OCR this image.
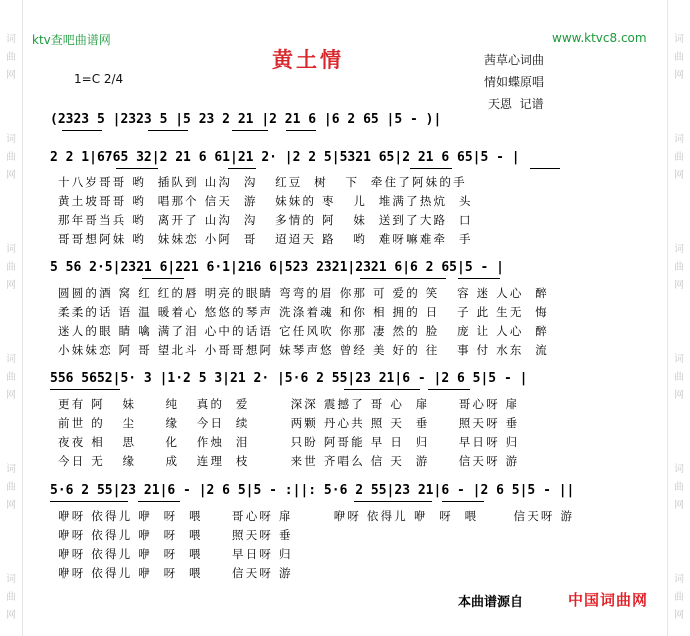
词
曲
网
词
曲
网
词
曲
网
词
曲
网
词
曲
网
词
曲
网
词
曲
网
词
曲
网
词
曲
网
词
曲
网
词
曲
网
词
曲
网
ktv查吧曲谱网	www.ktvc8.com
黄土情
1=C 2/4
茜草心词曲
情如蝶原唱
天恩  记谱
(2323 5 |2323 5 |5 23 2 21 |2 21 6 |6 2 65 |5 - )|
2 2 1|6765 32|2 21 6 61|21 2· |2 2 5|5321 65|2 21 6 65|5 - |
十八岁哥哥 哟  插队到 山沟  沟   红豆  树   下  牵住了阿妹的手
黄土坡哥哥 哟  唱那个 信天  游   妹妹的 枣   儿  堆满了热炕  头
那年哥当兵 哟  离开了 山沟  沟   多情的 阿   妹  送到了大路  口
哥哥想阿妹 哟  妹妹恋 小阿  哥   迢迢天 路   哟  难呀嘛难牵  手
5 56 2·5|2321 6|221 6·1|216 6|523 2321|2321 6|6 2 65|5 - |
圆圆的酒 窝 红 红的唇 明亮的眼睛 弯弯的眉 你那 可 爱的 笑   容 迷 人心  醉
柔柔的话 语 温 暖着心 悠悠的琴声 洗涤着魂 和你 相 拥的 日   子 此 生无  悔
迷人的眼 睛 噙 满了泪 心中的话语 它任风吹 你那 凄 然的 脸   庞 让 人心  醉
小妹妹恋 阿 哥 望北斗 小哥哥想阿 妹琴声悠 曾经 美 好的 往   事 付 水东  流
556 5652|5· 3 |1·2 5 3|21 2· |5·6 2 55|23 21|6 - |2 6 5|5 - |
更有 阿   妹     纯   真的  爱       深深 震撼了 哥 心  扉     哥心呀 扉
前世 的   尘     缘   今日  续       两颗 丹心共 照 天  垂     照天呀 垂
夜夜 相   思     化   作烛  泪       只盼 阿哥能 早 日  归     早日呀 归
今日 无   缘     成   连理  枝       来世 齐唱么 信 天  游     信天呀 游
5·6 2 55|23 21|6 - |2 6 5|5 - :||: 5·6 2 55|23 21|6 - |2 6 5|5 - ||
咿呀 依得儿 咿  呀  喂     哥心呀 扉       咿呀 依得儿 咿  呀  喂      信天呀 游
咿呀 依得儿 咿  呀  喂     照天呀 垂
咿呀 依得儿 咿  呀  喂     早日呀 归
咿呀 依得儿 咿  呀  喂     信天呀 游
本曲谱源自	中国词曲网
